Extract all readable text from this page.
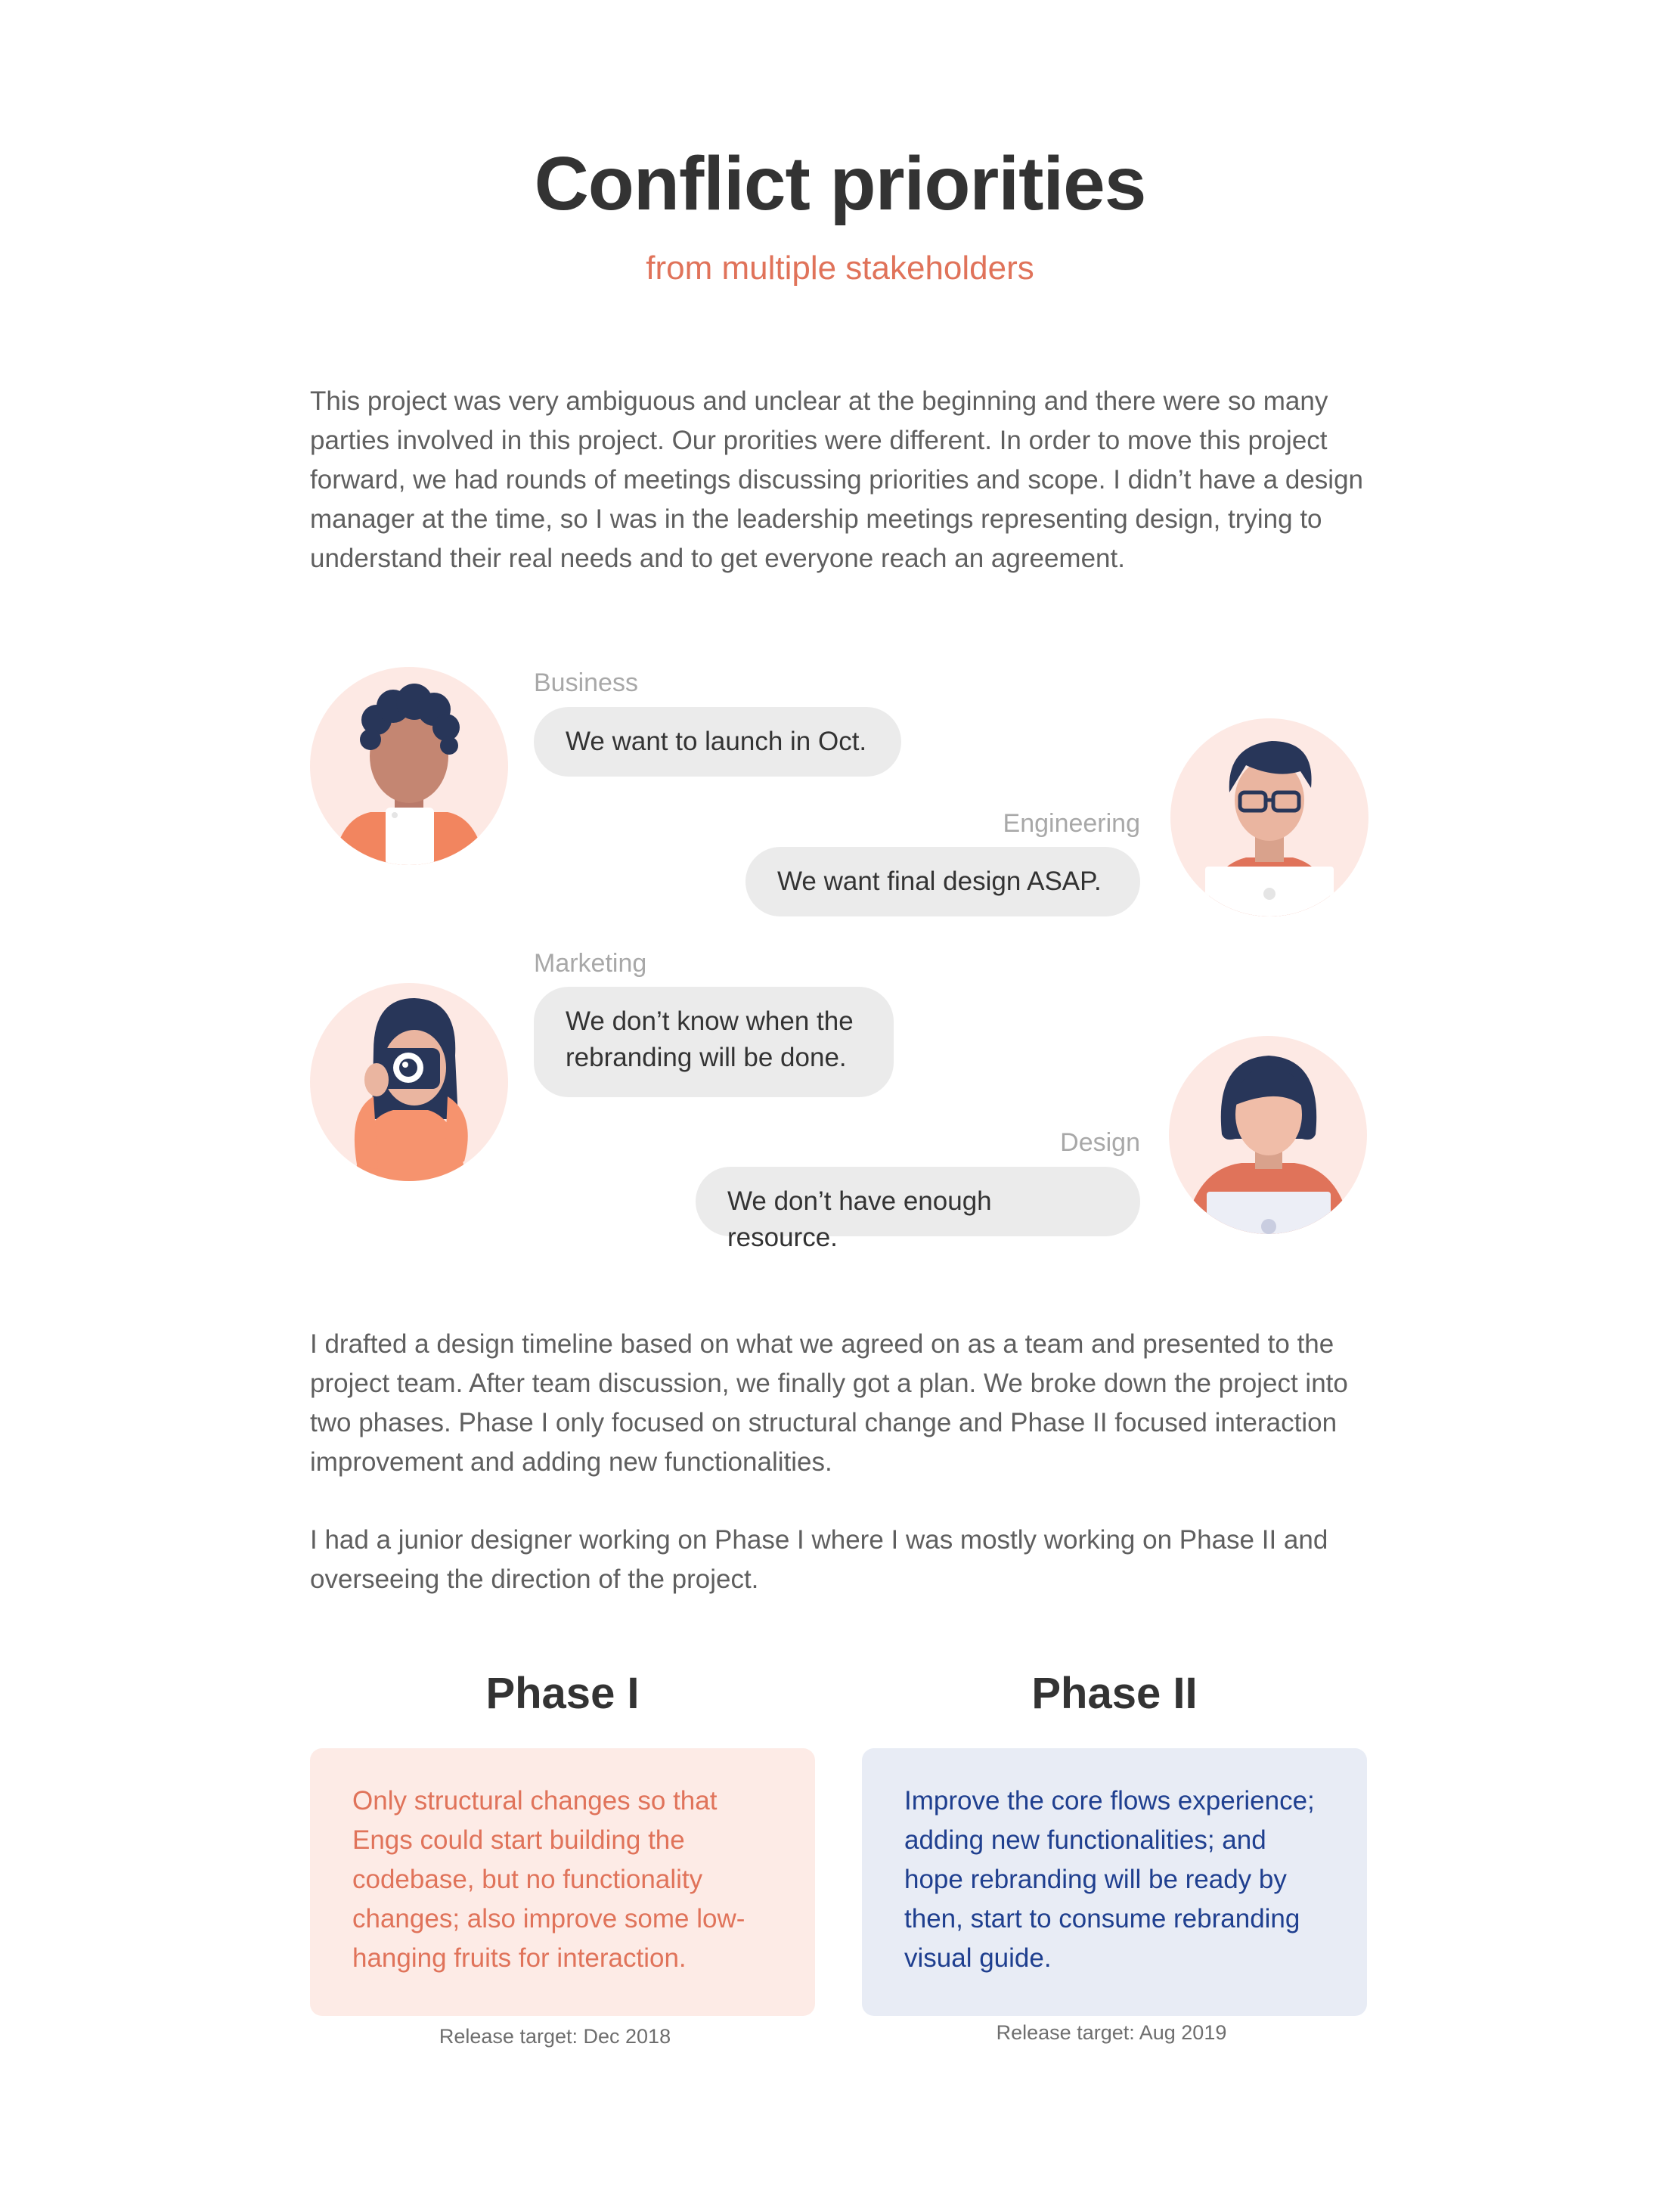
Conflict priorities
from multiple stakeholders

This project was very ambiguous and unclear at the beginning and there were so many parties involved in this project. Our prorities were different. In order to move this project forward, we had rounds of meetings discussing priorities and scope. I didn’t have a design manager at the time, so I was in the leadership meetings representing design, trying to understand their real needs and to get everyone reach an agreement.

Business
We want to launch in Oct.
Engineering
We want final design ASAP.
Marketing
We don’t know when the
rebranding will be done.
Design
We don’t have enough resource.

I drafted a design timeline based on what we agreed on as a team and presented to the project team. After team discussion, we finally got a plan. We broke down the project into two phases. Phase I only focused on structural change and Phase II focused interaction improvement and adding new functionalities.

I had a junior designer working on Phase I where I was mostly working on Phase II and overseeing the direction of the project.

Phase I
Only structural changes so that Engs could start building the codebase, but no functionality changes; also improve some low-hanging fruits for interaction.
Release target: Dec 2018
Phase II
Improve the core flows experience; adding new functionalities; and hope rebranding will be ready by then, start to consume rebranding visual guide.
Release target: Aug 2019
